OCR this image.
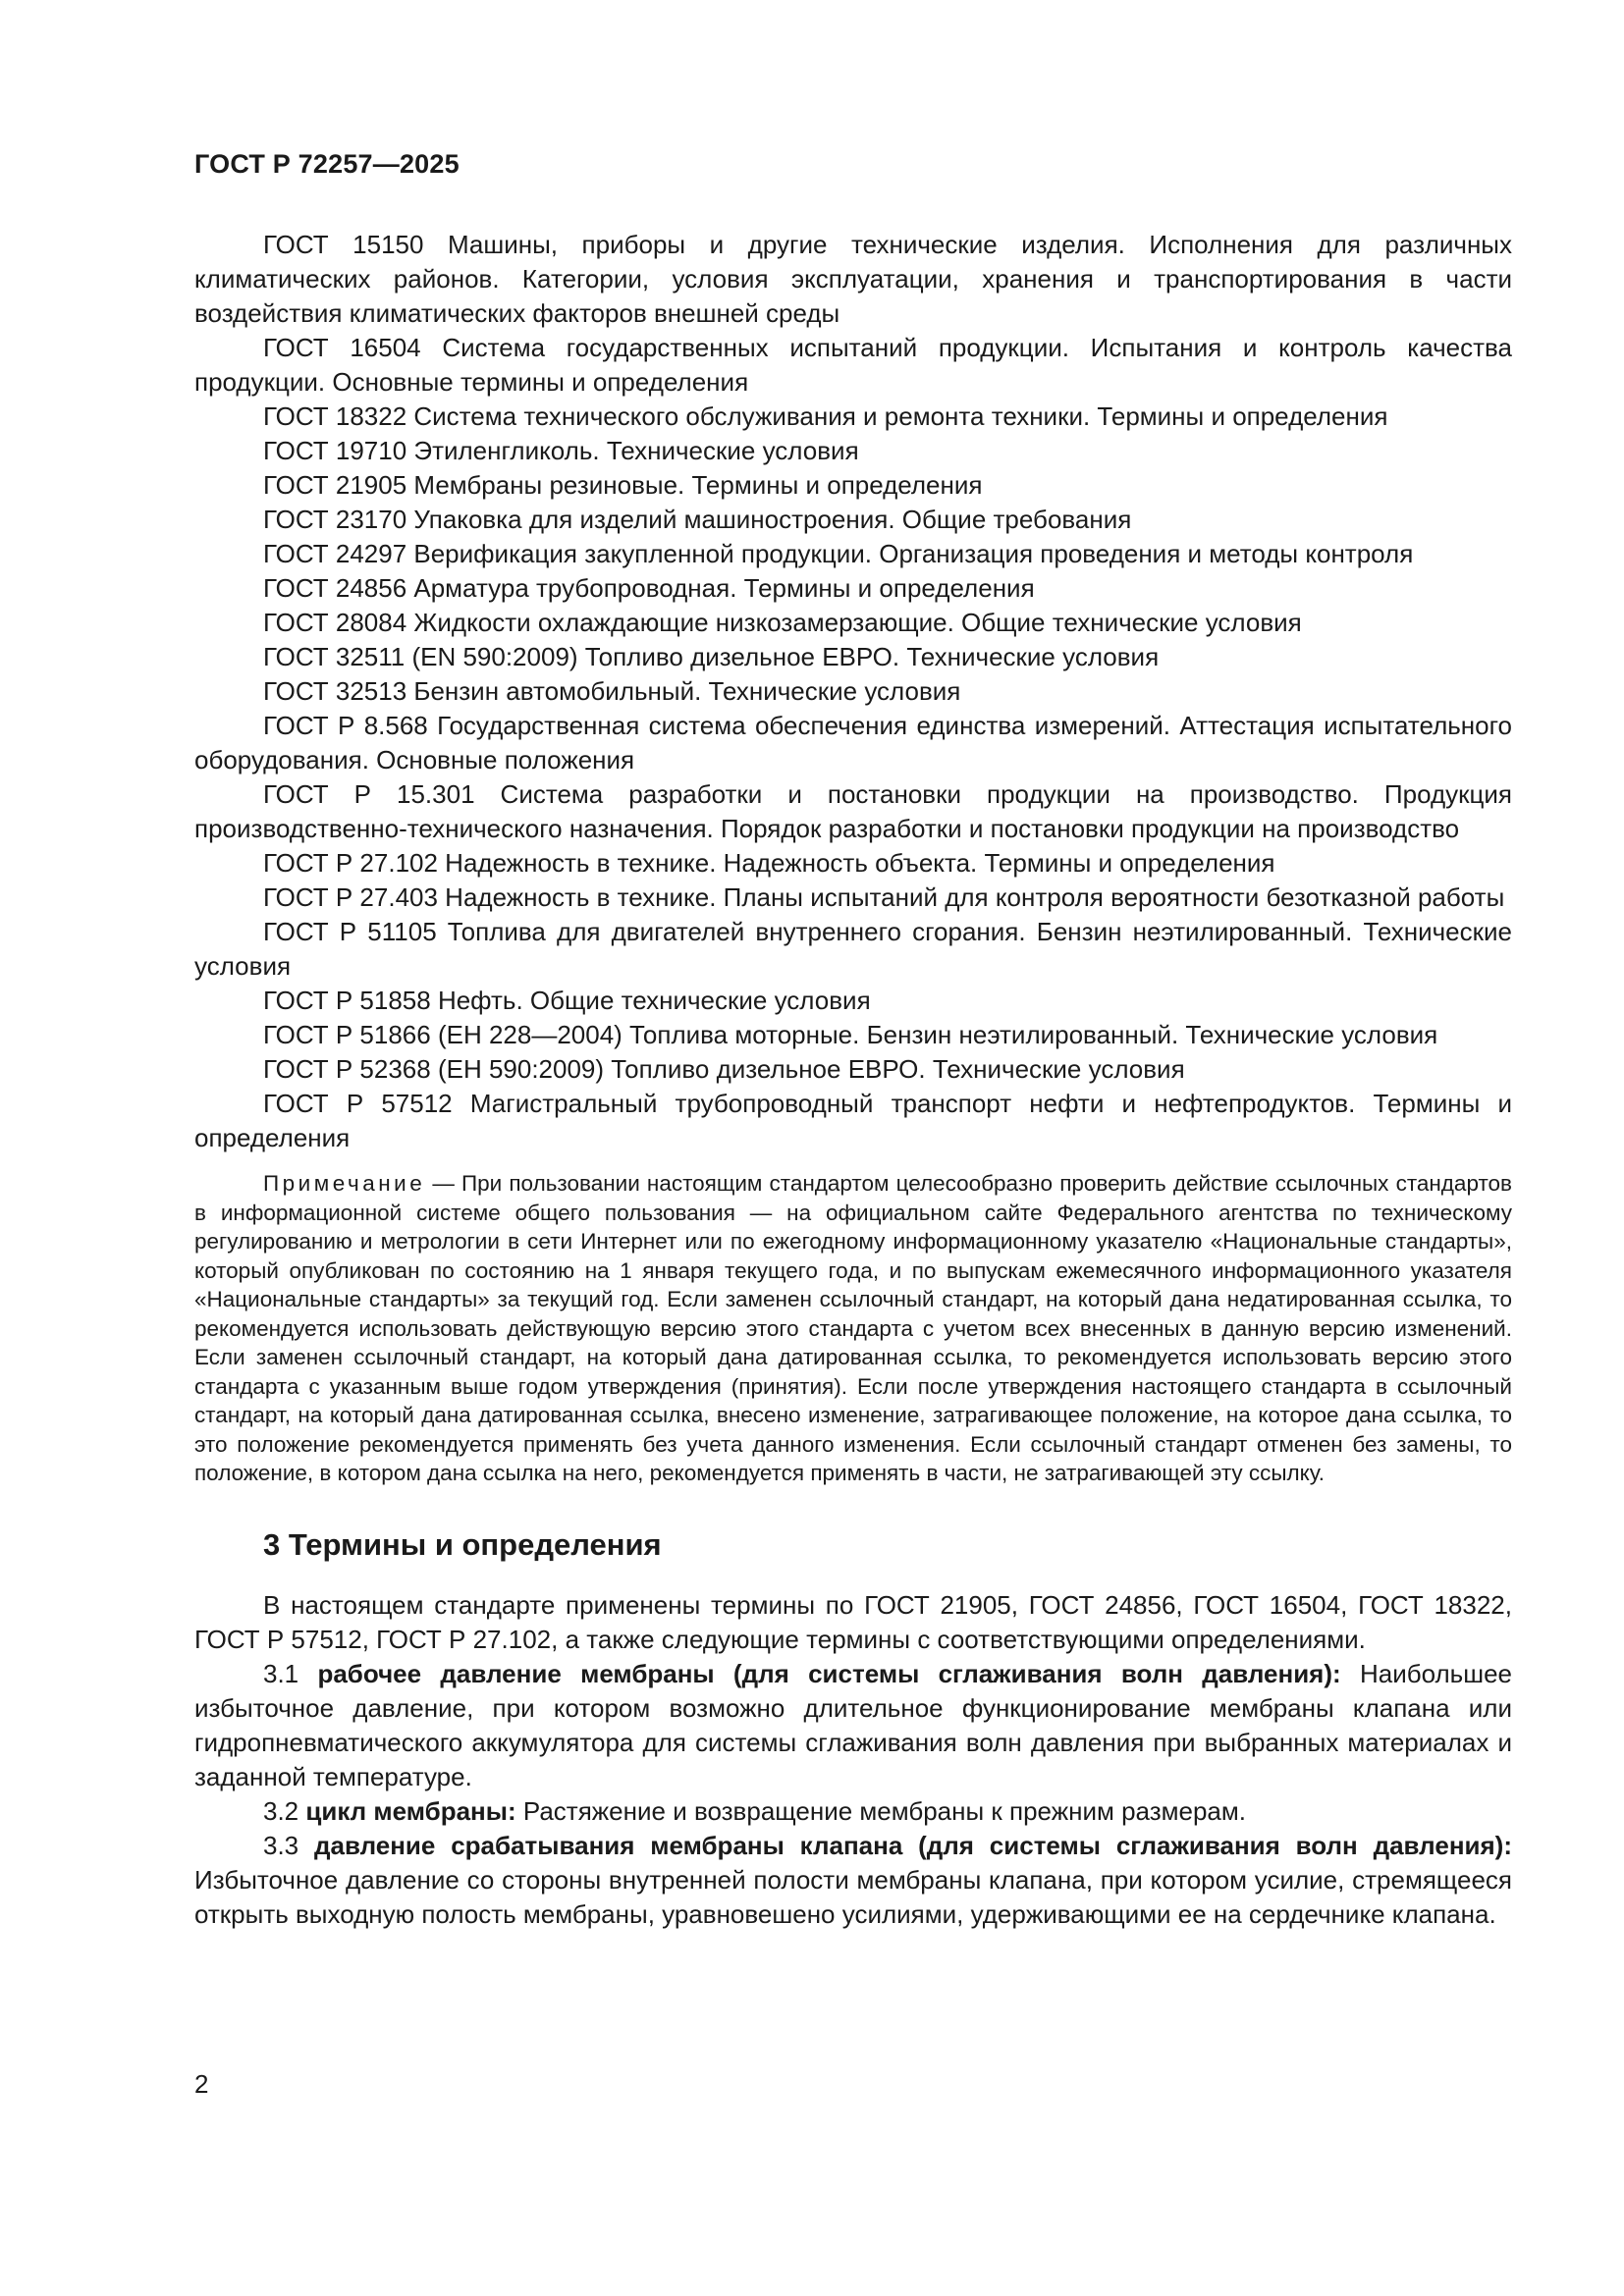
ГОСТ Р 72257—2025

ГОСТ 15150 Машины, приборы и другие технические изделия. Исполнения для различных климатических районов. Категории, условия эксплуатации, хранения и транспортирования в части воздействия климатических факторов внешней среды

ГОСТ 16504 Система государственных испытаний продукции. Испытания и контроль качества продукции. Основные термины и определения

ГОСТ 18322 Система технического обслуживания и ремонта техники. Термины и определения

ГОСТ 19710 Этиленгликоль. Технические условия

ГОСТ 21905 Мембраны резиновые. Термины и определения

ГОСТ 23170 Упаковка для изделий машиностроения. Общие требования

ГОСТ 24297 Верификация закупленной продукции. Организация проведения и методы контроля

ГОСТ 24856 Арматура трубопроводная. Термины и определения

ГОСТ 28084 Жидкости охлаждающие низкозамерзающие. Общие технические условия

ГОСТ 32511 (EN 590:2009) Топливо дизельное ЕВРО. Технические условия

ГОСТ 32513 Бензин автомобильный. Технические условия

ГОСТ Р 8.568 Государственная система обеспечения единства измерений. Аттестация испытательного оборудования. Основные положения

ГОСТ Р 15.301 Система разработки и постановки продукции на производство. Продукция производственно-технического назначения. Порядок разработки и постановки продукции на производство

ГОСТ Р 27.102 Надежность в технике. Надежность объекта. Термины и определения

ГОСТ Р 27.403 Надежность в технике. Планы испытаний для контроля вероятности безотказной работы

ГОСТ Р 51105 Топлива для двигателей внутреннего сгорания. Бензин неэтилированный. Технические условия

ГОСТ Р 51858 Нефть. Общие технические условия

ГОСТ Р 51866 (ЕН 228—2004) Топлива моторные. Бензин неэтилированный. Технические условия

ГОСТ Р 52368 (ЕН 590:2009) Топливо дизельное ЕВРО. Технические условия

ГОСТ Р 57512 Магистральный трубопроводный транспорт нефти и нефтепродуктов. Термины и определения

Примечание — При пользовании настоящим стандартом целесообразно проверить действие ссылочных стандартов в информационной системе общего пользования — на официальном сайте Федерального агентства по техническому регулированию и метрологии в сети Интернет или по ежегодному информационному указателю «Национальные стандарты», который опубликован по состоянию на 1 января текущего года, и по выпускам ежемесячного информационного указателя «Национальные стандарты» за текущий год. Если заменен ссылочный стандарт, на который дана недатированная ссылка, то рекомендуется использовать действующую версию этого стандарта с учетом всех внесенных в данную версию изменений. Если заменен ссылочный стандарт, на который дана датированная ссылка, то рекомендуется использовать версию этого стандарта с указанным выше годом утверждения (принятия). Если после утверждения настоящего стандарта в ссылочный стандарт, на который дана датированная ссылка, внесено изменение, затрагивающее положение, на которое дана ссылка, то это положение рекомендуется применять без учета данного изменения. Если ссылочный стандарт отменен без замены, то положение, в котором дана ссылка на него, рекомендуется применять в части, не затрагивающей эту ссылку.

3 Термины и определения

В настоящем стандарте применены термины по ГОСТ 21905, ГОСТ 24856, ГОСТ 16504, ГОСТ 18322, ГОСТ Р 57512, ГОСТ Р 27.102, а также следующие термины с соответствующими определениями.

3.1 рабочее давление мембраны (для системы сглаживания волн давления): Наибольшее избыточное давление, при котором возможно длительное функционирование мембраны клапана или гидропневматического аккумулятора для системы сглаживания волн давления при выбранных материалах и заданной температуре.

3.2 цикл мембраны: Растяжение и возвращение мембраны к прежним размерам.

3.3 давление срабатывания мембраны клапана (для системы сглаживания волн давления): Избыточное давление со стороны внутренней полости мембраны клапана, при котором усилие, стремящееся открыть выходную полость мембраны, уравновешено усилиями, удерживающими ее на сердечнике клапана.

2
